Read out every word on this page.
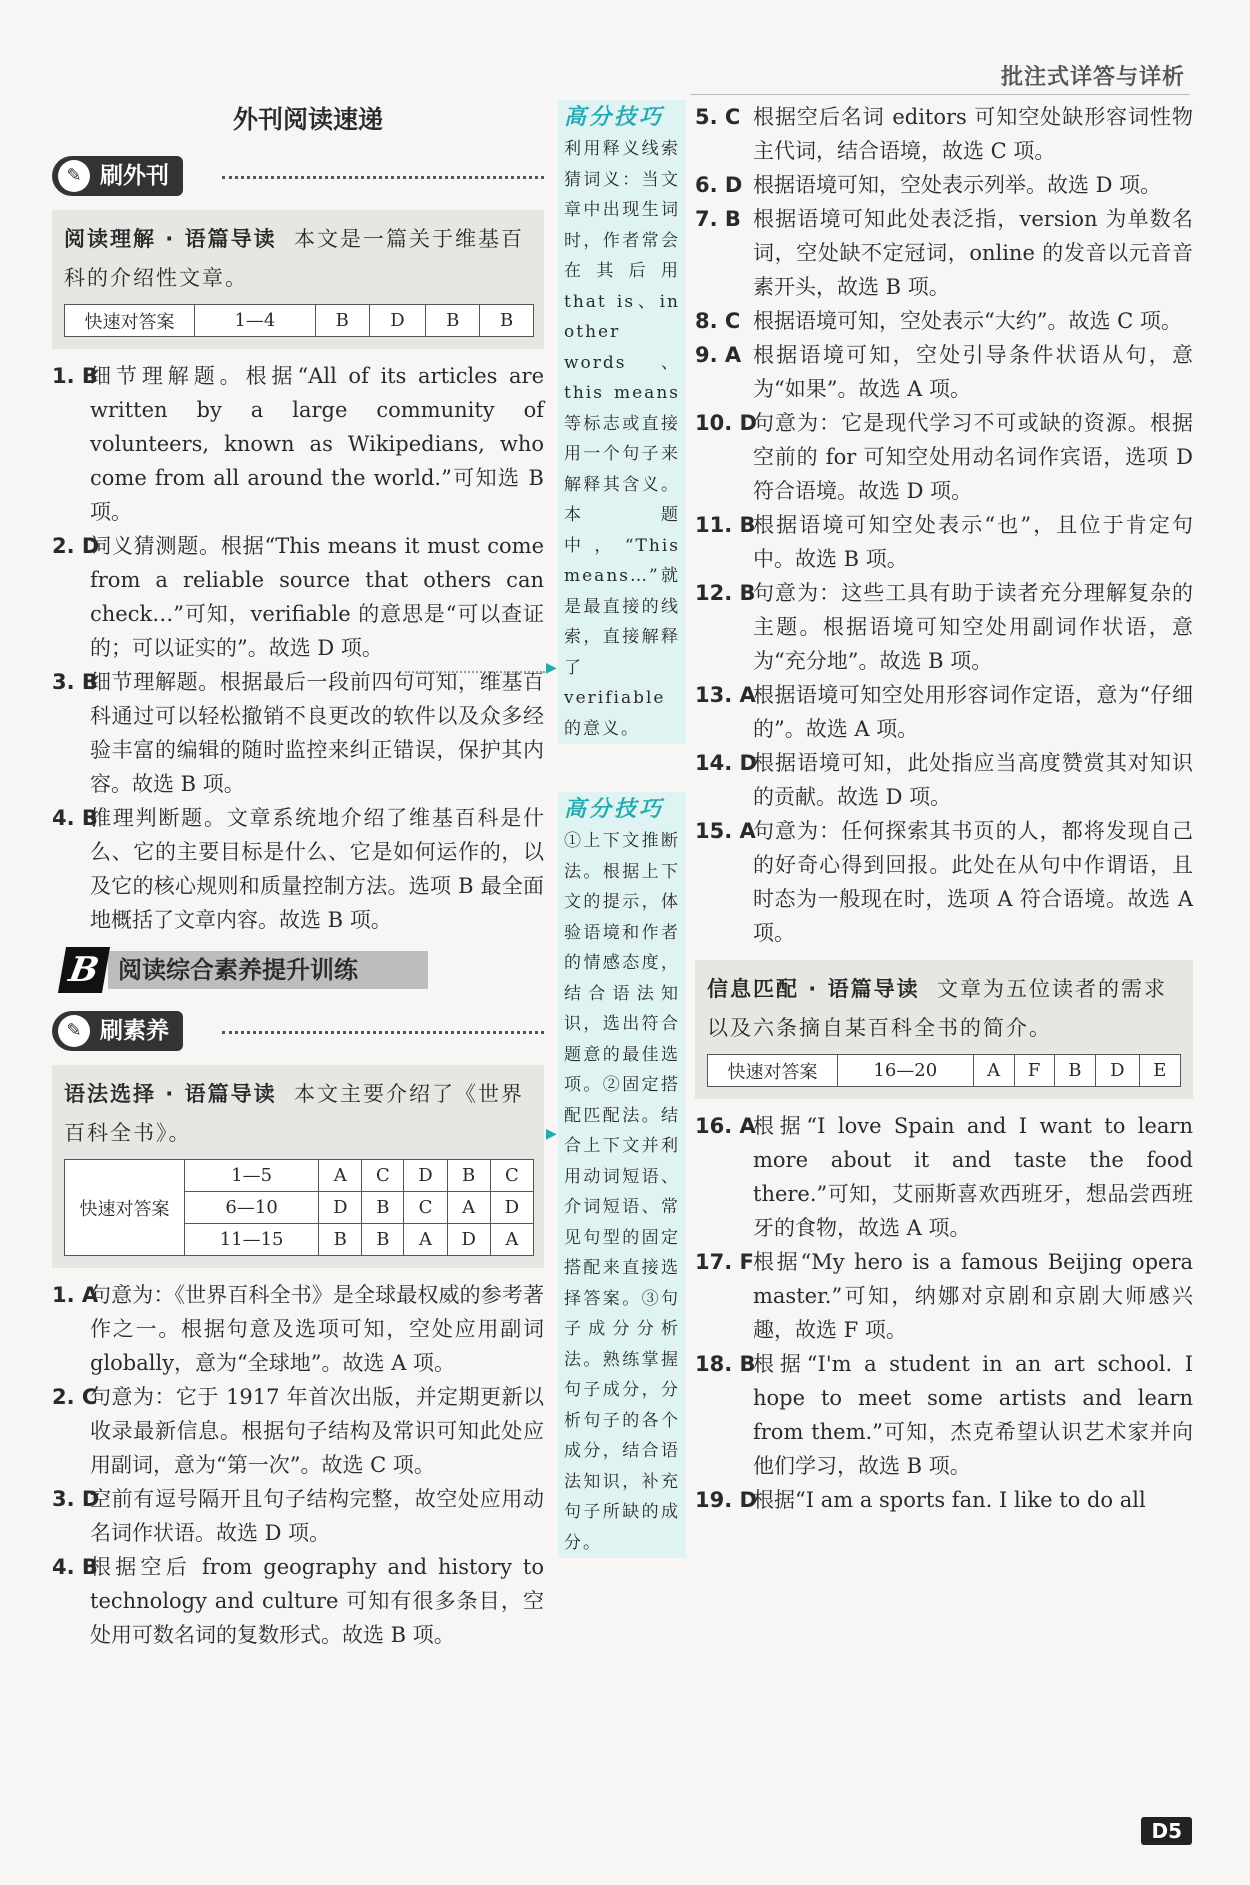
批注式详答与详析
外刊阅读速递
✎ 刷外刊
阅读理解 · 语篇导读 本文是一篇关于维基百科的介绍性文章。
快速对答案	1—4	B	D	B	B
1. B
细节理解题。根据“All of its articles are written by a large community of volunteers, known as Wikipedians, who come from all around the world.”可知选 B 项。
2. D
词义猜测题。根据“This means it must come from a reliable source that others can check…”可知，verifiable 的意思是“可以查证的；可以证实的”。故选 D 项。
3. B
细节理解题。根据最后一段前四句可知，维基百科通过可以轻松撤销不良更改的软件以及众多经验丰富的编辑的随时监控来纠正错误，保护其内容。故选 B 项。
4. B
推理判断题。文章系统地介绍了维基百科是什么、它的主要目标是什么、它是如何运作的，以及它的核心规则和质量控制方法。选项 B 最全面地概括了文章内容。故选 B 项。
阅读综合素养提升训练
B
✎ 刷素养
语法选择 · 语篇导读 本文主要介绍了《世界百科全书》。
快速对答案	1—5	A	C	D	B	C
	6—10	D	B	C	A	D
	11—15	B	B	A	D	A
1. A
句意为：《世界百科全书》是全球最权威的参考著作之一。根据句意及选项可知，空处应用副词 globally，意为“全球地”。故选 A 项。
2. C
句意为：它于 1917 年首次出版，并定期更新以收录最新信息。根据句子结构及常识可知此处应用副词，意为“第一次”。故选 C 项。
3. D
空前有逗号隔开且句子结构完整，故空处应用动名词作状语。故选 D 项。
4. B
根据空后 from geography and history to technology and culture 可知有很多条目，空处用可数名词的复数形式。故选 B 项。
高分技巧
利用释义线索猜词义：当文章中出现生词时，作者常会在其后用 that is、in other words、this means 等标志或直接用一个句子来解释其含义。本题中，“This means…”就是最直接的线索，直接解释了 verifiable 的意义。
高分技巧
①上下文推断法。根据上下文的提示，体验语境和作者的情感态度，结合语法知识，选出符合题意的最佳选项。②固定搭配匹配法。结合上下文并利用动词短语、介词短语、常见句型的固定搭配来直接选择答案。③句子成分分析法。熟练掌握句子成分，分析句子的各个成分，结合语法知识，补充句子所缺的成分。
▶
▶
5. C 根据空后名词 editors 可知空处缺形容词性物主代词，结合语境，故选 C 项。
6. D 根据语境可知，空处表示列举。故选 D 项。
7. B 根据语境可知此处表泛指，version 为单数名词，空处缺不定冠词，online 的发音以元音音素开头，故选 B 项。
8. C 根据语境可知，空处表示“大约”。故选 C 项。
9. A 根据语境可知，空处引导条件状语从句，意为“如果”。故选 A 项。
10. D
句意为：它是现代学习不可或缺的资源。根据空前的 for 可知空处用动名词作宾语，选项 D 符合语境。故选 D 项。
11. B
根据语境可知空处表示“也”，且位于肯定句中。故选 B 项。
12. B
句意为：这些工具有助于读者充分理解复杂的主题。根据语境可知空处用副词作状语，意为“充分地”。故选 B 项。
13. A
根据语境可知空处用形容词作定语，意为“仔细的”。故选 A 项。
14. D
根据语境可知，此处指应当高度赞赏其对知识的贡献。故选 D 项。
15. A
句意为：任何探索其书页的人，都将发现自己的好奇心得到回报。此处在从句中作谓语，且时态为一般现在时，选项 A 符合语境。故选 A 项。
信息匹配 · 语篇导读 文章为五位读者的需求以及六条摘自某百科全书的简介。
快速对答案	16—20	A	F	B	D	E
16. A
根据“I love Spain and I want to learn more about it and taste the food there.”可知，艾丽斯喜欢西班牙，想品尝西班牙的食物，故选 A 项。
17. F 根据“My hero is a famous Beijing opera master.”可知，纳娜对京剧和京剧大师感兴趣，故选 F 项。
18. B
根据“I'm a student in an art school. I hope to meet some artists and learn from them.”可知，杰克希望认识艺术家并向他们学习，故选 B 项。
19. D
根据“I am a sports fan. I like to do all
D5
